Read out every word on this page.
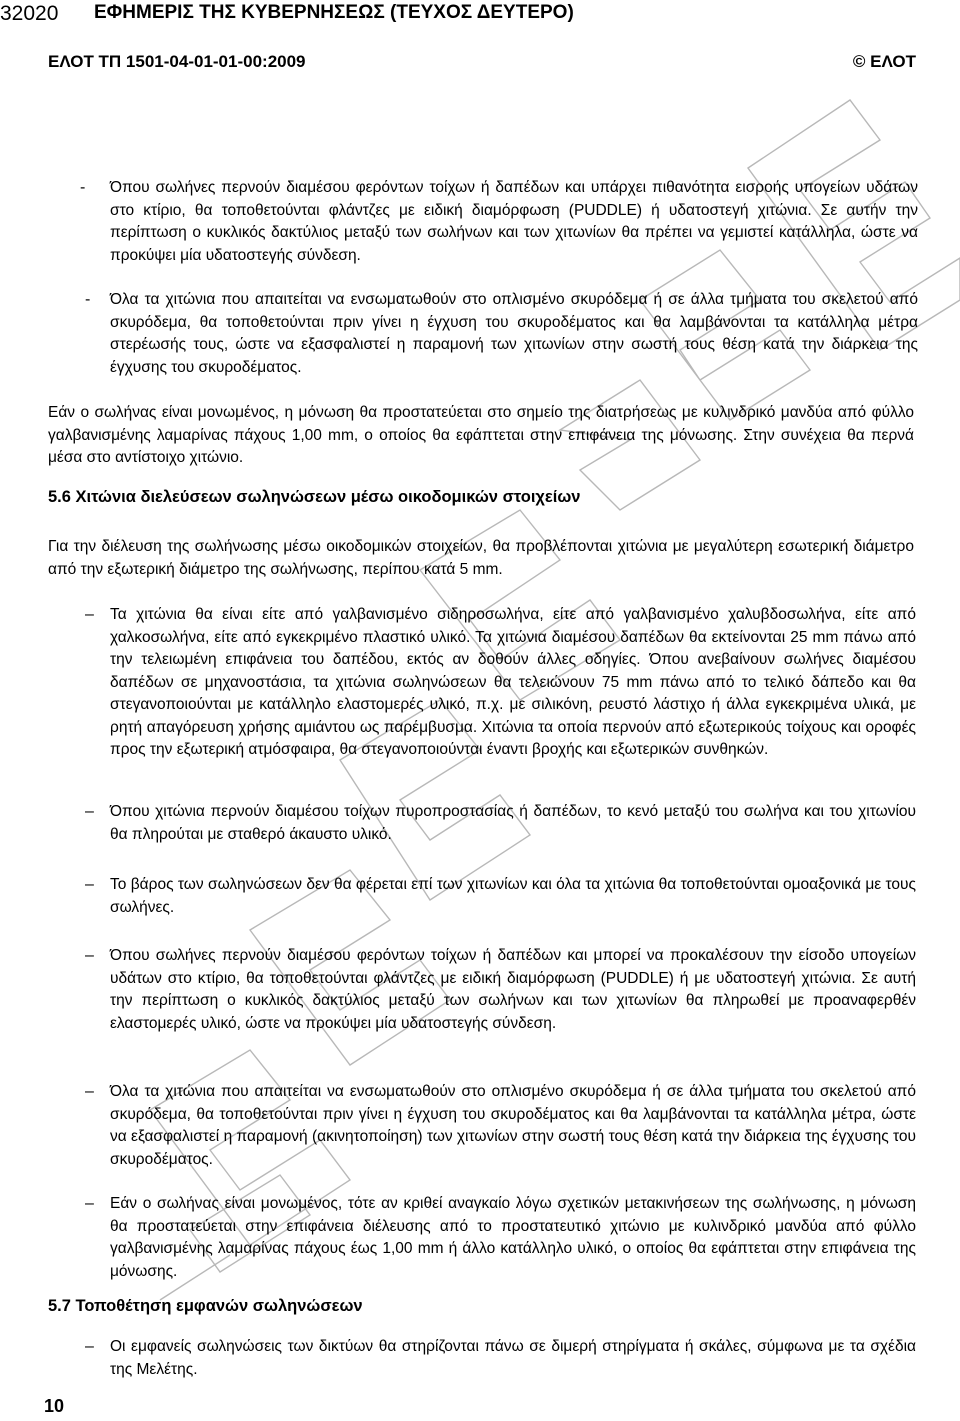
32020 ΕΦΗΜΕΡΙΣ ΤΗΣ ΚΥΒΕΡΝΗΣΕΩΣ (ΤΕΥΧΟΣ ΔΕΥΤΕΡΟ)
ΕΛΟΤ ΤΠ 1501-04-01-01-00:2009	© ΕΛΟΤ
- Όπου σωλήνες περνούν διαμέσου φερόντων τοίχων ή δαπέδων και υπάρχει πιθανότητα εισροής υπογείων υδάτων στο κτίριο, θα τοποθετούνται φλάντζες με ειδική διαμόρφωση (PUDDLE) ή υδατοστεγή χιτώνια. Σε αυτήν την περίπτωση ο κυκλικός δακτύλιος μεταξύ των σωλήνων και των χιτωνίων θα πρέπει να γεμιστεί κατάλληλα, ώστε να προκύψει μία υδατοστεγής σύνδεση.
- Όλα τα χιτώνια που απαιτείται να ενσωματωθούν στο οπλισμένο σκυρόδεμα ή σε άλλα τμήματα του σκελετού από σκυρόδεμα, θα τοποθετούνται πριν γίνει η έγχυση του σκυροδέματος και θα λαμβάνονται τα κατάλληλα μέτρα στερέωσής τους, ώστε να εξασφαλιστεί η παραμονή των χιτωνίων στην σωστή τους θέση κατά την διάρκεια της έγχυσης του σκυροδέματος.
Εάν ο σωλήνας είναι μονωμένος, η μόνωση θα προστατεύεται στο σημείο της διατρήσεως με κυλινδρικό μανδύα από φύλλο γαλβανισμένης λαμαρίνας πάχους 1,00 mm, ο οποίος θα εφάπτεται στην επιφάνεια της μόνωσης. Στην συνέχεια θα περνά μέσα στο αντίστοιχο χιτώνιο.
5.6 Χιτώνια διελεύσεων σωληνώσεων μέσω οικοδομικών στοιχείων
Για την διέλευση της σωλήνωσης μέσω οικοδομικών στοιχείων, θα προβλέπονται χιτώνια με μεγαλύτερη εσωτερική διάμετρο από την εξωτερική διάμετρο της σωλήνωσης, περίπου κατά 5 mm.
– Τα χιτώνια θα είναι είτε από γαλβανισμένο σιδηροσωλήνα, είτε από γαλβανισμένο χαλυβδοσωλήνα, είτε από χαλκοσωλήνα, είτε από εγκεκριμένο πλαστικό υλικό. Τα χιτώνια διαμέσου δαπέδων θα εκτείνονται 25 mm πάνω από την τελειωμένη επιφάνεια του δαπέδου, εκτός αν δοθούν άλλες οδηγίες. Όπου ανεβαίνουν σωλήνες διαμέσου δαπέδων σε μηχανοστάσια, τα χιτώνια σωληνώσεων θα τελειώνουν 75 mm πάνω από το τελικό δάπεδο και θα στεγανοποιούνται με κατάλληλο ελαστομερές υλικό, π.χ. με σιλικόνη, ρευστό λάστιχο ή άλλα εγκεκριμένα υλικά, με ρητή απαγόρευση χρήσης αμιάντου ως παρέμβυσμα. Χιτώνια τα οποία περνούν από εξωτερικούς τοίχους και οροφές προς την εξωτερική ατμόσφαιρα, θα στεγανοποιούνται έναντι βροχής και εξωτερικών συνθηκών.
– Όπου χιτώνια περνούν διαμέσου τοίχων πυροπροστασίας ή δαπέδων, το κενό μεταξύ του σωλήνα και του χιτωνίου θα πληρούται με σταθερό άκαυστο υλικό.
– Το βάρος των σωληνώσεων δεν θα φέρεται επί των χιτωνίων και όλα τα χιτώνια θα τοποθετούνται ομοαξονικά με τους σωλήνες.
– Όπου σωλήνες περνούν διαμέσου φερόντων τοίχων ή δαπέδων και μπορεί να προκαλέσουν την είσοδο υπογείων υδάτων στο κτίριο, θα τοποθετούνται φλάντζες με ειδική διαμόρφωση (PUDDLE) ή με υδατοστεγή χιτώνια. Σε αυτή την περίπτωση ο κυκλικός δακτύλιος μεταξύ των σωλήνων και των χιτωνίων θα πληρωθεί με προαναφερθέν ελαστομερές υλικό, ώστε να προκύψει μία υδατοστεγής σύνδεση.
– Όλα τα χιτώνια που απαιτείται να ενσωματωθούν στο οπλισμένο σκυρόδεμα ή σε άλλα τμήματα του σκελετού από σκυρόδεμα, θα τοποθετούνται πριν γίνει η έγχυση του σκυροδέματος και θα λαμβάνονται τα κατάλληλα μέτρα, ώστε να εξασφαλιστεί η παραμονή (ακινητοποίηση) των χιτωνίων στην σωστή τους θέση κατά την διάρκεια της έγχυσης του σκυροδέματος.
– Εάν ο σωλήνας είναι μονωμένος, τότε αν κριθεί αναγκαίο λόγω σχετικών μετακινήσεων της σωλήνωσης, η μόνωση θα προστατεύεται στην επιφάνεια διέλευσης από το προστατευτικό χιτώνιο με κυλινδρικό μανδύα από φύλλο γαλβανισμένης λαμαρίνας πάχους έως 1,00 mm ή άλλο κατάλληλο υλικό, ο οποίος θα εφάπτεται στην επιφάνεια της μόνωσης.
5.7 Τοποθέτηση εμφανών σωληνώσεων
– Οι εμφανείς σωληνώσεις των δικτύων θα στηρίζονται πάνω σε διμερή στηρίγματα ή σκάλες, σύμφωνα με τα σχέδια της Μελέτης.
10
